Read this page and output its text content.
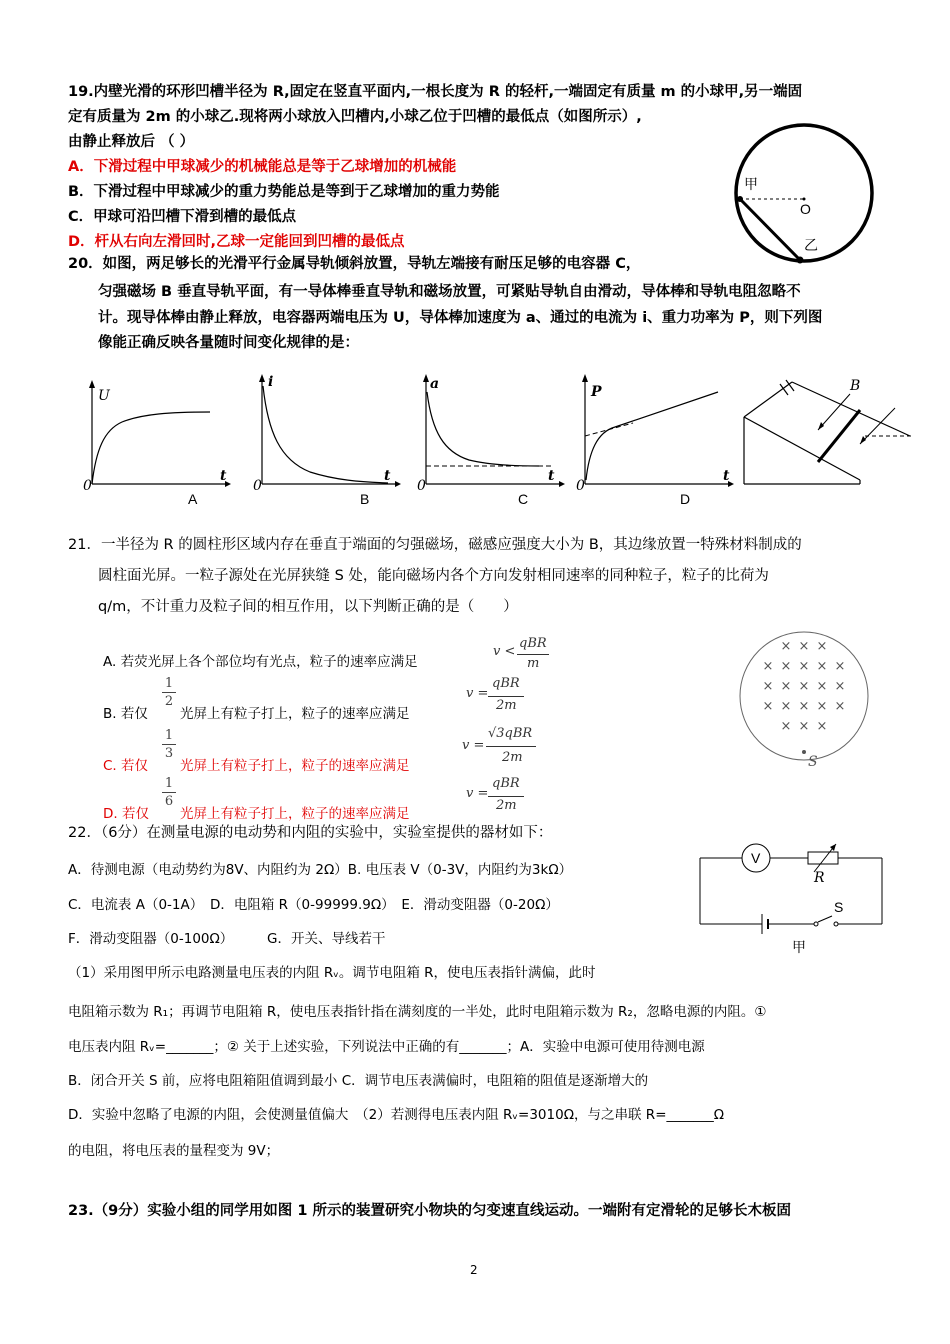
19.内壁光滑的环形凹槽半径为 R,固定在竖直平面内,一根长度为 R 的轻杆,一端固定有质量 m 的小球甲,另一端固
定有质量为 2m 的小球乙.现将两小球放入凹槽内,小球乙位于凹槽的最低点（如图所示）,
由静止释放后 （ ）
A．下滑过程中甲球减少的机械能总是等于乙球增加的机械能
B．下滑过程中甲球减少的重力势能总是等到于乙球增加的重力势能
C．甲球可沿凹槽下滑到槽的最低点
D．杆从右向左滑回时,乙球一定能回到凹槽的最低点
甲
O
乙
20．如图，两足够长的光滑平行金属导轨倾斜放置，导轨左端接有耐压足够的电容器 C，
匀强磁场 B 垂直导轨平面，有一导体棒垂直导轨和磁场放置，可紧贴导轨自由滑动，导体棒和导轨电阻忽略不
计。现导体棒由静止释放，电容器两端电压为 U，导体棒加速度为 a、通过的电流为 i、重力功率为 P，则下列图
像能正确反映各量随时间变化规律的是：
U
t
0
A
i
t
0
B
a
t
0
C
P
t
0
D
B
21．一半径为 R 的圆柱形区域内存在垂直于端面的匀强磁场，磁感应强度大小为 B，其边缘放置一特殊材料制成的
圆柱面光屏。一粒子源处在光屏狭缝 S 处，能向磁场内各个方向发射相同速率的同种粒子，粒子的比荷为
q/m，不计重力及粒子间的相互作用，以下判断正确的是（　　）
A. 若荧光屏上各个部位均有光点，粒子的速率应满足
v <
qBR
m
B. 若仅
1
2
光屏上有粒子打上，粒子的速率应满足
v =
qBR
2m
C. 若仅
1
3
光屏上有粒子打上，粒子的速率应满足
v =
√3qBR
2m
D. 若仅
1
6
光屏上有粒子打上，粒子的速率应满足
v =
qBR
2m
× × ×
× × × × ×
× × × × ×
× × × × ×
× × ×
S
22．（6分）在测量电源的电动势和内阻的实验中，实验室提供的器材如下：
A．待测电源（电动势约为8V、内阻约为 2Ω）B. 电压表 V（0-3V，内阻约为3kΩ）
C．电流表 A（0-1A）　D．电阻箱 R（0-99999.9Ω）　E．滑动变阻器（0-20Ω）
F．滑动变阻器（0-100Ω）　　　G．开关、导线若干
（1）采用图甲所示电路测量电压表的内阻 Rᵥ。调节电阻箱 R，使电压表指针满偏，此时
电阻箱示数为 R₁；再调节电阻箱 R，使电压表指针指在满刻度的一半处，此时电阻箱示数为 R₂，忽略电源的内阻。①
电压表内阻 Rᵥ=_______；② 关于上述实验，下列说法中正确的有_______；A．实验中电源可使用待测电源
B．闭合开关 S 前，应将电阻箱阻值调到最小 C．调节电压表满偏时，电阻箱的阻值是逐渐增大的
D．实验中忽略了电源的内阻，会使测量值偏大　（2）若测得电压表内阻 Rᵥ=3010Ω，与之串联 R=_______Ω
的电阻，将电压表的量程变为 9V；
V
R
S
甲
23.（9分）实验小组的同学用如图 1 所示的装置研究小物块的匀变速直线运动。一端附有定滑轮的足够长木板固
2
